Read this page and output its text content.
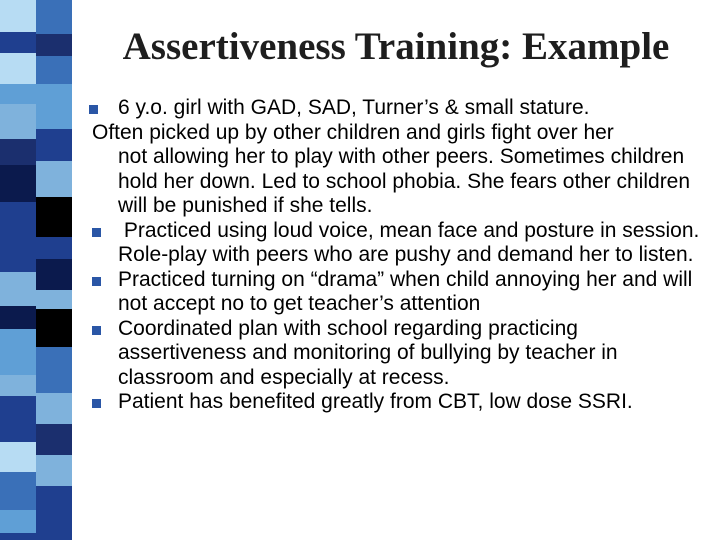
Assertiveness Training: Example

6 y.o. girl with GAD, SAD, Turner’s & small stature.

Often picked up by other children and girls fight over her
not allowing her to play with other peers. Sometimes children hold her down. Led to school phobia. She fears other children will be punished if she tells.

Practiced using loud voice, mean face and posture in session.  Role-play with peers who are pushy and demand her to listen.

Practiced turning on “drama” when child annoying her and will not accept no to get teacher’s attention

Coordinated plan with school regarding practicing assertiveness and monitoring of bullying by teacher in classroom and especially at recess.

Patient has benefited greatly from CBT, low dose SSRI.
